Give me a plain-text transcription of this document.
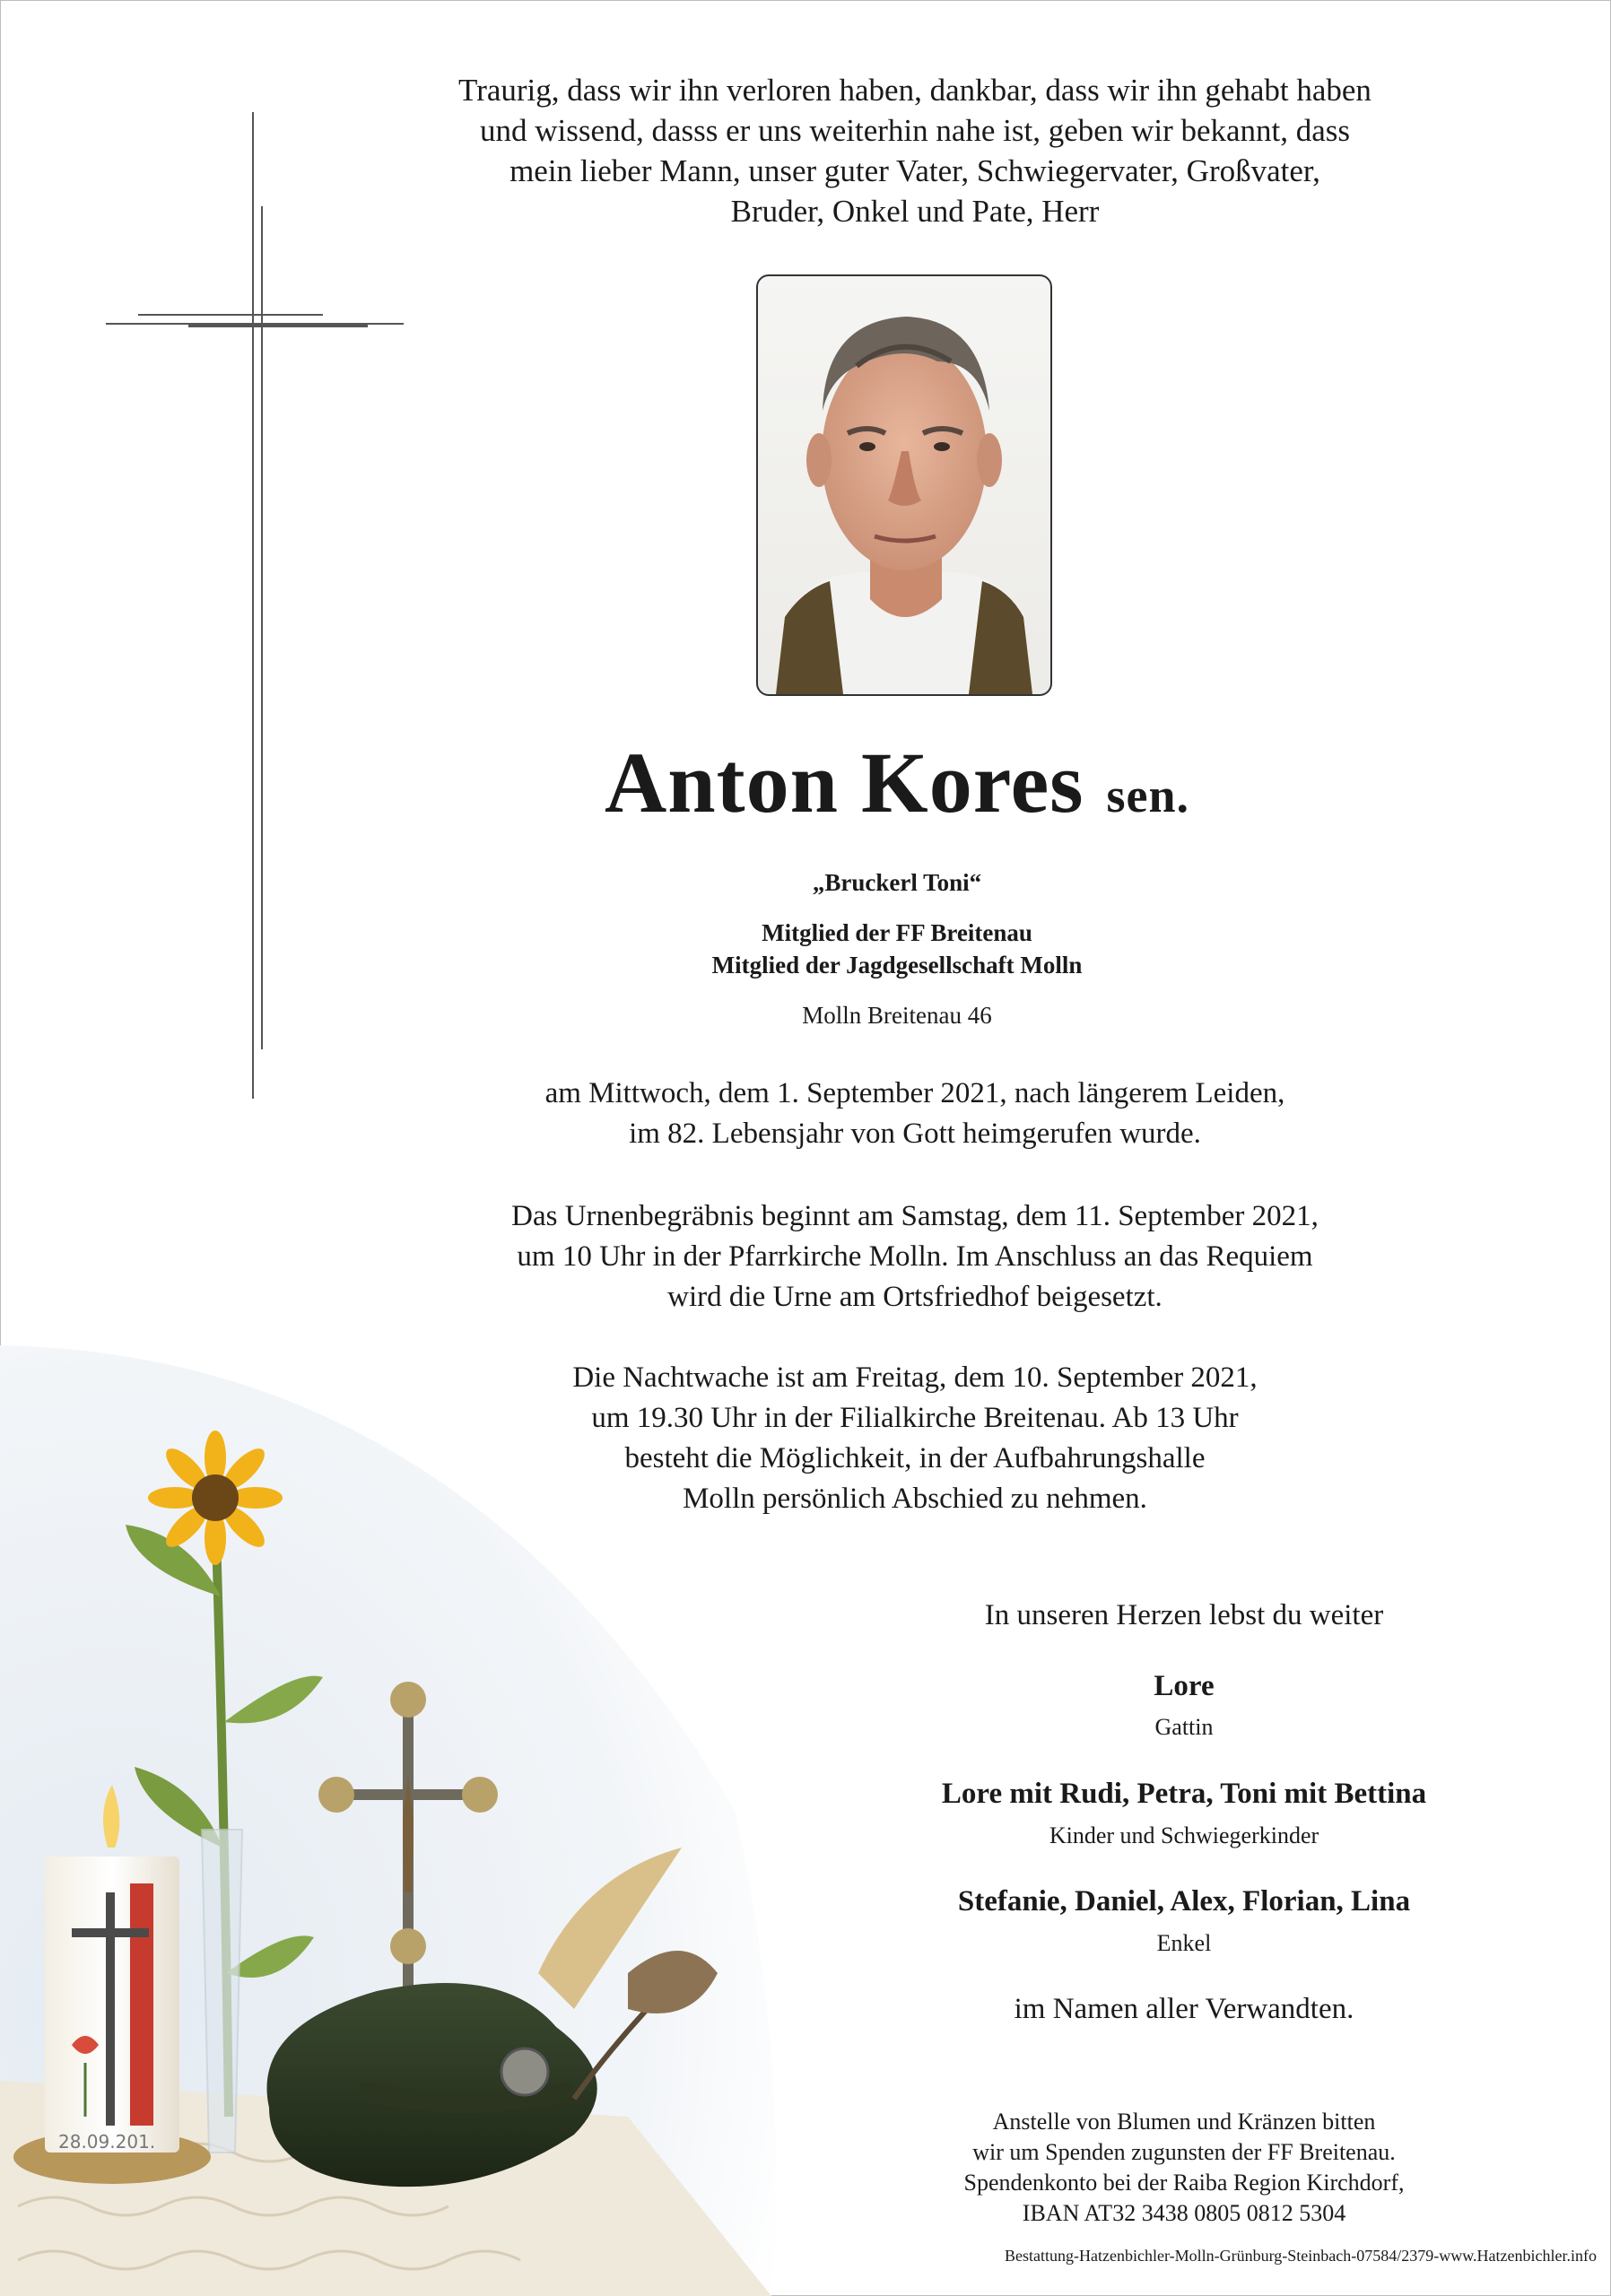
Traurig, dass wir ihn verloren haben, dankbar, dass wir ihn gehabt haben
und wissend, dasss er uns weiterhin nahe ist, geben wir bekannt, dass
mein lieber Mann, unser guter Vater, Schwiegervater, Großvater,
Bruder, Onkel und Pate, Herr
Anton Kores sen.
„Bruckerl Toni“
Mitglied der FF Breitenau
Mitglied der Jagdgesellschaft Molln
Molln Breitenau 46
am Mittwoch, dem 1. September 2021, nach längerem Leiden,
im 82. Lebensjahr von Gott heimgerufen wurde.
Das Urnenbegräbnis beginnt am Samstag, dem 11. September 2021,
um 10 Uhr in der Pfarrkirche Molln. Im Anschluss an das Requiem
wird die Urne am Ortsfriedhof beigesetzt.
Die Nachtwache ist am Freitag, dem 10. September 2021,
um 19.30 Uhr in der Filialkirche Breitenau. Ab 13 Uhr
besteht die Möglichkeit, in der Aufbahrungshalle
Molln persönlich Abschied zu nehmen.
28.09.201.
In unseren Herzen lebst du weiter
Lore
Gattin
Lore mit Rudi, Petra, Toni mit Bettina
Kinder und Schwiegerkinder
Stefanie, Daniel, Alex, Florian, Lina
Enkel
im Namen aller Verwandten.
Anstelle von Blumen und Kränzen bitten
wir um Spenden zugunsten der FF Breitenau.
Spendenkonto bei der Raiba Region Kirchdorf,
IBAN AT32 3438 0805 0812 5304
Bestattung-Hatzenbichler-Molln-Grünburg-Steinbach-07584/2379-www.Hatzenbichler.info
